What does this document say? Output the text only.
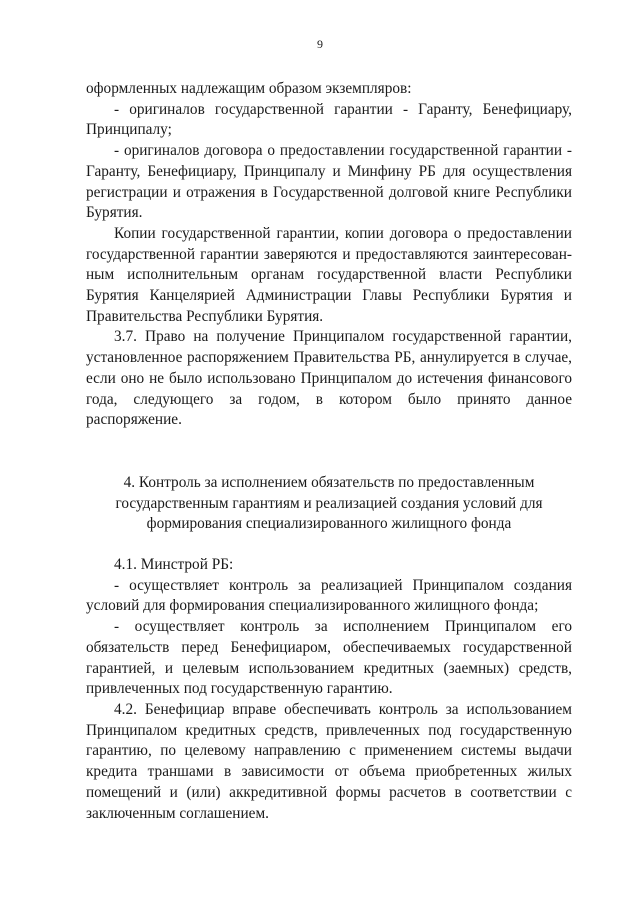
9

оформленных надлежащим образом экземпляров:

- оригиналов государственной гарантии - Гаранту, Бенефициару, Принципалу;

- оригиналов договора о предоставлении государственной гарантии - Гаранту, Бенефициару, Принципалу и Минфину РБ для осуществления регистрации и отражения в Государственной долговой книге Республики Бурятия.

Копии государственной гарантии, копии договора о предоставлении государственной гарантии заверяются и предоставляются заинтересован-ным исполнительным органам государственной власти Республики Бурятия Канцелярией Администрации Главы Республики Бурятия и Правительства Республики Бурятия.

3.7. Право на получение Принципалом государственной гарантии, установленное распоряжением Правительства РБ, аннулируется в случае, если оно не было использовано Принципалом до истечения финансового года, следующего за годом, в котором было принято данное распоряжение.

4. Контроль за исполнением обязательств по предоставленным государственным гарантиям и реализацией создания условий для формирования специализированного жилищного фонда

4.1. Минстрой РБ:

- осуществляет контроль за реализацией Принципалом создания условий для формирования специализированного жилищного фонда;

- осуществляет контроль за исполнением Принципалом его обязательств перед Бенефициаром, обеспечиваемых государственной гарантией, и целевым использованием кредитных (заемных) средств, привлеченных под государственную гарантию.

4.2. Бенефициар вправе обеспечивать контроль за использованием Принципалом кредитных средств, привлеченных под государственную гарантию, по целевому направлению с применением системы выдачи кредита траншами в зависимости от объема приобретенных жилых помещений и (или) аккредитивной формы расчетов в соответствии с заключенным соглашением.
